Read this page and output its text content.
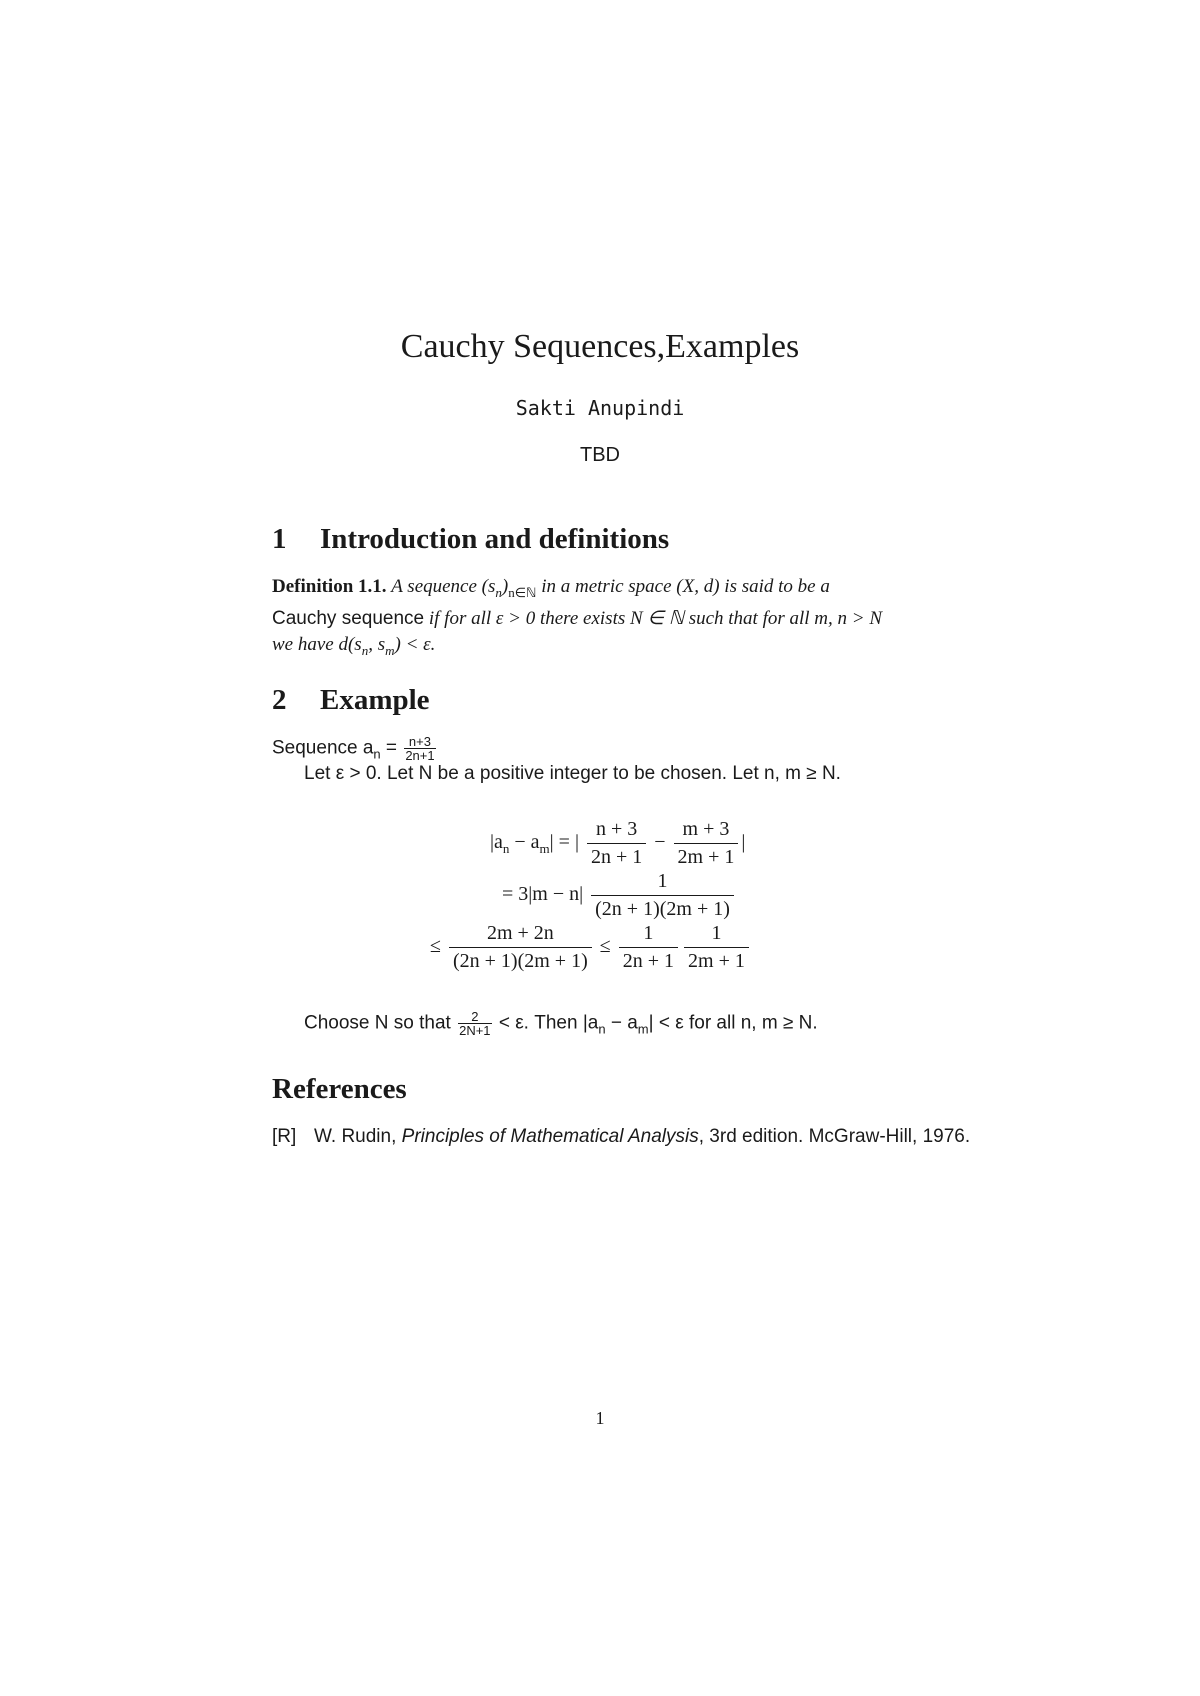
Cauchy Sequences,Examples
Sakti Anupindi
TBD
1 Introduction and definitions
Definition 1.1. A sequence $(s_n)_{n\in ℕ}$ in a metric space (X, d) is said to be a
Cauchy sequence if for all ε > 0 there exists N ∈ ℕ such that for all m, n > N
we have $d(s_n$, $s_m) < \varepsilon$.
2 Example
Sequence $a_n = \frac{n+3}{2n+1}$
Let ε > 0. Let N be a positive integer to be chosen. Let n, m ≥ N.
$|a_n - a_m|$ = | $\frac{n + 3}{2n + 1} - \frac{m + 3}{2m + 1}$ |
= $3|m - n| \frac{1}{(2n + 1)(2m + 1)}$
≤ $\frac{2m + 2n}{(2n + 1)(2m + 1)} \le \frac{1}{2n + 1} \frac{1}{2m + 1}$
Choose N so that $\frac{2}{2N+1} < \varepsilon$. Then $|a_n - a_m| < \varepsilon$ for all n, m ≥ N.
References
[R] W. Rudin, Principles of Mathematical Analysis, 3rd edition. McGraw-Hill, 1976.
1
